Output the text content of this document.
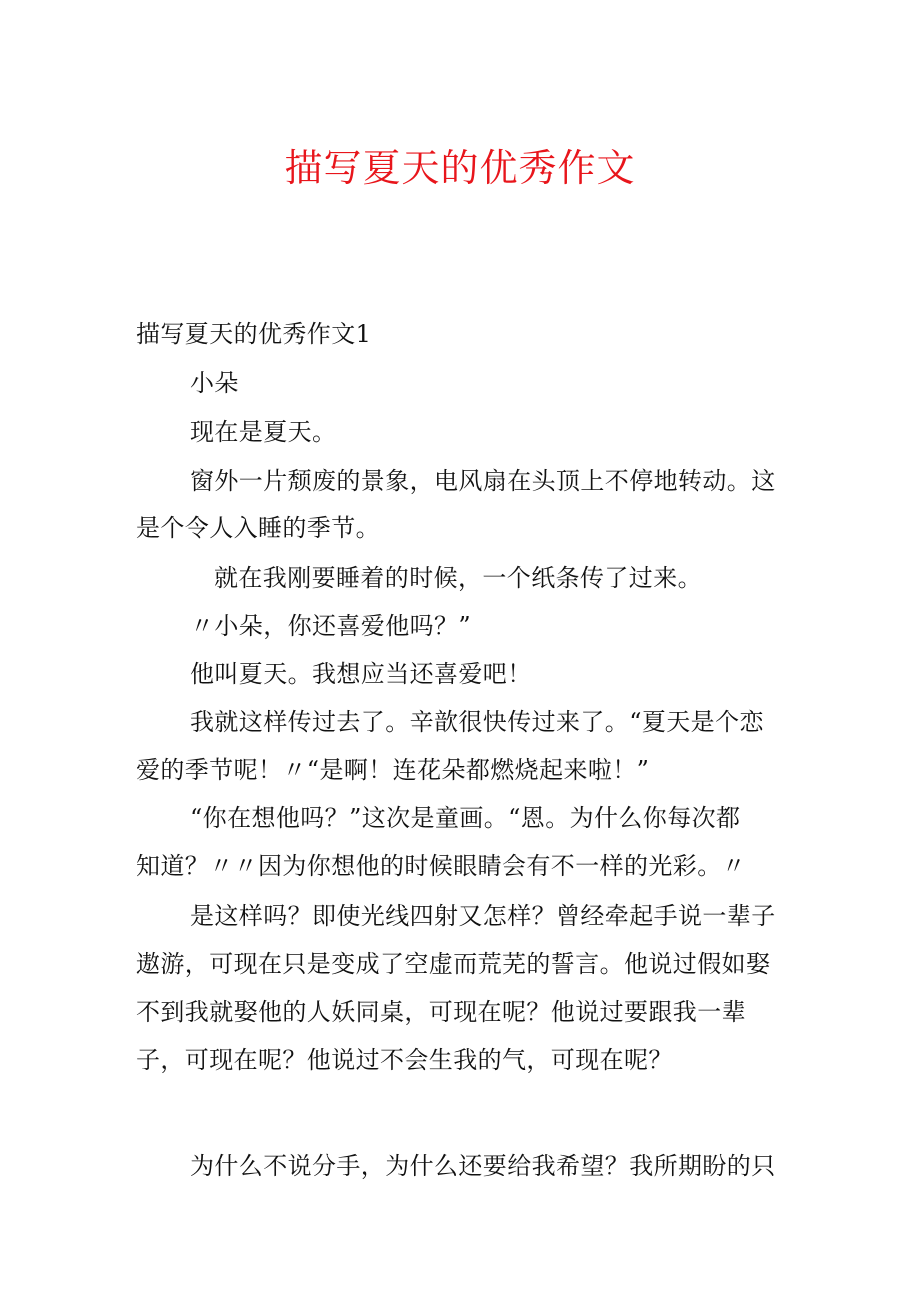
描写夏天的优秀作文
描写夏天的优秀作文1
小朵
现在是夏天。
窗外一片颓废的景象，电风扇在头顶上不停地转动。这
是个令人入睡的季节。
就在我刚要睡着的时候，一个纸条传了过来。
〃小朵，你还喜爱他吗？”
他叫夏天。我想应当还喜爱吧！
我就这样传过去了。辛歆很快传过来了。“夏天是个恋
爱的季节呢！〃“是啊！连花朵都燃烧起来啦！”
“你在想他吗？”这次是童画。“恩。为什么你每次都
知道？〃〃因为你想他的时候眼睛会有不一样的光彩。〃
是这样吗？即使光线四射又怎样？曾经牵起手说一辈子
遨游，可现在只是变成了空虚而荒芜的誓言。他说过假如娶
不到我就娶他的人妖同桌，可现在呢？他说过要跟我一辈
子，可现在呢？他说过不会生我的气，可现在呢？
为什么不说分手，为什么还要给我希望？我所期盼的只
